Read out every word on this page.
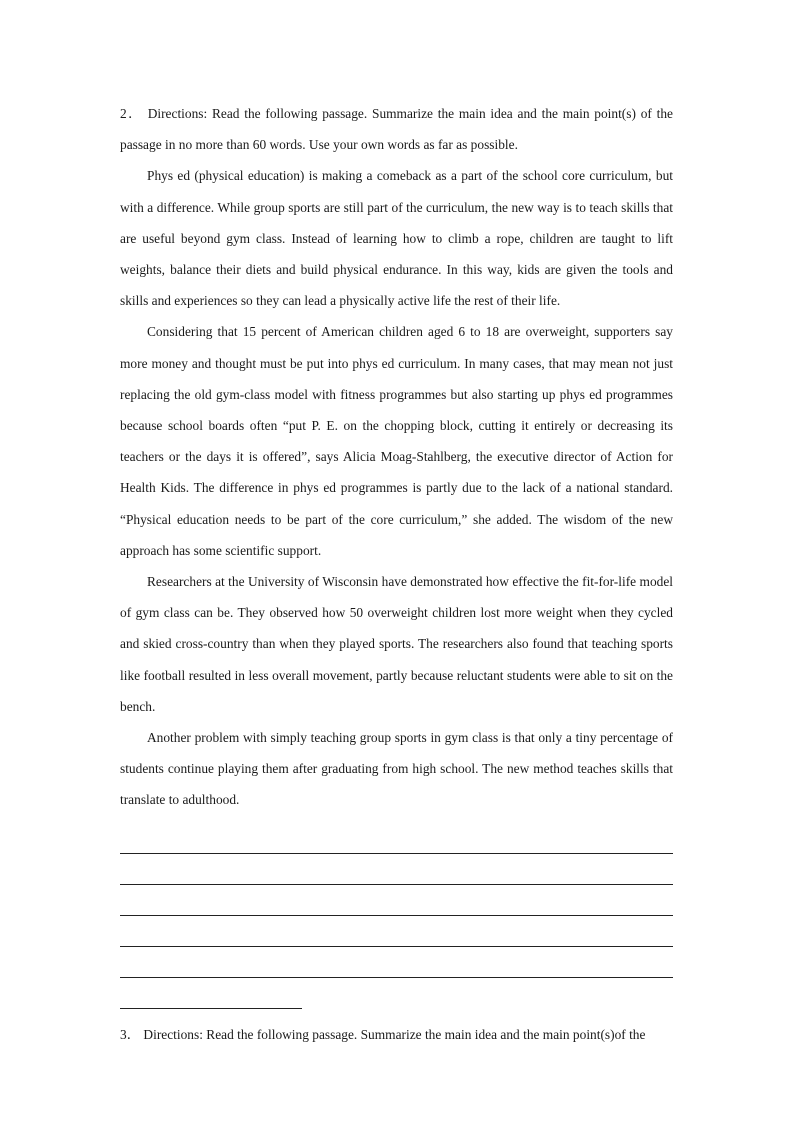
2． Directions: Read the following passage. Summarize the main idea and the main point(s) of the passage in no more than 60 words. Use your own words as far as possible.

Phys ed (physical education) is making a comeback as a part of the school core curriculum, but with a difference. While group sports are still part of the curriculum, the new way is to teach skills that are useful beyond gym class. Instead of learning how to climb a rope, children are taught to lift weights, balance their diets and build physical endurance. In this way, kids are given the tools and skills and experiences so they can lead a physically active life the rest of their life.

Considering that 15 percent of American children aged 6 to 18 are overweight, supporters say more money and thought must be put into phys ed curriculum. In many cases, that may mean not just replacing the old gym-class model with fitness programmes but also starting up phys ed programmes because school boards often “put P. E. on the chopping block, cutting it entirely or decreasing its teachers or the days it is offered”, says Alicia Moag-Stahlberg, the executive director of Action for Health Kids. The difference in phys ed programmes is partly due to the lack of a national standard. “Physical education needs to be part of the core curriculum,” she added. The wisdom of the new approach has some scientific support.

Researchers at the University of Wisconsin have demonstrated how effective the fit-for-life model of gym class can be. They observed how 50 overweight children lost more weight when they cycled and skied cross-country than when they played sports. The researchers also found that teaching sports like football resulted in less overall movement, partly because reluctant students were able to sit on the bench.

Another problem with simply teaching group sports in gym class is that only a tiny percentage of students continue playing them after graduating from high school. The new method teaches skills that translate to adulthood.

3． Directions: Read the following passage. Summarize the main idea and the main point(s)of the
